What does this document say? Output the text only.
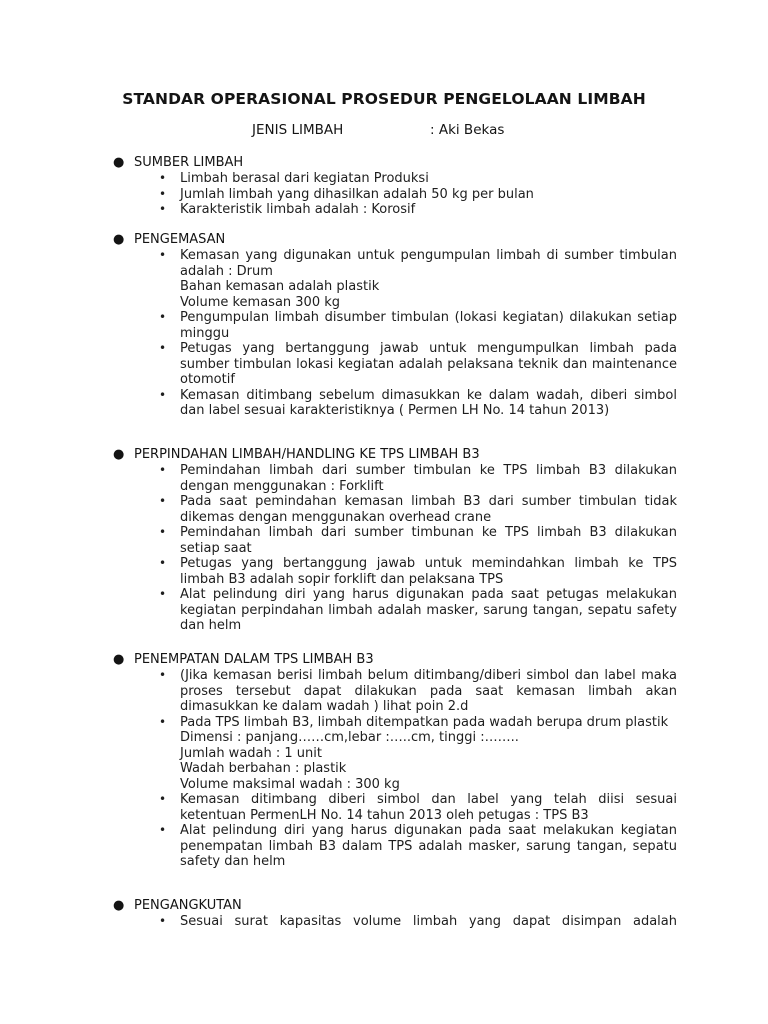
STANDAR OPERASIONAL PROSEDUR PENGELOLAAN LIMBAH
JENIS LIMBAH	: Aki Bekas
● SUMBER LIMBAH
• Limbah berasal dari kegiatan Produksi
• Jumlah limbah yang dihasilkan adalah 50 kg per bulan
• Karakteristik limbah adalah : Korosif
● PENGEMASAN
• Kemasan yang digunakan untuk pengumpulan limbah di sumber timbulan adalah : Drum
Bahan kemasan adalah plastik
Volume kemasan 300 kg
• Pengumpulan limbah disumber timbulan (lokasi kegiatan) dilakukan setiap minggu
• Petugas yang bertanggung jawab untuk mengumpulkan limbah pada sumber timbulan lokasi kegiatan adalah pelaksana teknik dan maintenance otomotif
• Kemasan ditimbang sebelum dimasukkan ke dalam wadah, diberi simbol dan label sesuai karakteristiknya ( Permen LH No. 14 tahun 2013)
● PERPINDAHAN LIMBAH/HANDLING KE TPS LIMBAH B3
• Pemindahan limbah dari sumber timbulan ke TPS limbah B3 dilakukan dengan menggunakan : Forklift
• Pada saat pemindahan kemasan limbah B3 dari sumber timbulan tidak dikemas dengan menggunakan overhead crane
• Pemindahan limbah dari sumber timbunan ke TPS limbah B3 dilakukan setiap saat
• Petugas yang bertanggung jawab untuk memindahkan limbah ke TPS limbah B3 adalah sopir forklift dan pelaksana TPS
• Alat pelindung diri yang harus digunakan pada saat petugas melakukan kegiatan perpindahan limbah adalah masker, sarung tangan, sepatu safety dan helm
● PENEMPATAN DALAM TPS LIMBAH B3
• (Jika kemasan berisi limbah belum ditimbang/diberi simbol dan label maka proses tersebut dapat dilakukan pada saat kemasan limbah akan dimasukkan ke dalam wadah ) lihat poin 2.d
• Pada TPS limbah B3, limbah ditempatkan pada wadah berupa drum plastik
Dimensi : panjang……cm,lebar :…..cm, tinggi :……..
Jumlah wadah : 1 unit
Wadah berbahan : plastik
Volume maksimal wadah : 300 kg
• Kemasan ditimbang diberi simbol dan label yang telah diisi sesuai ketentuan PermenLH No. 14 tahun 2013 oleh petugas : TPS B3
• Alat pelindung diri yang harus digunakan pada saat melakukan kegiatan penempatan limbah B3 dalam TPS adalah masker, sarung tangan, sepatu safety dan helm
● PENGANGKUTAN
• Sesuai surat kapasitas volume limbah yang dapat disimpan adalah
